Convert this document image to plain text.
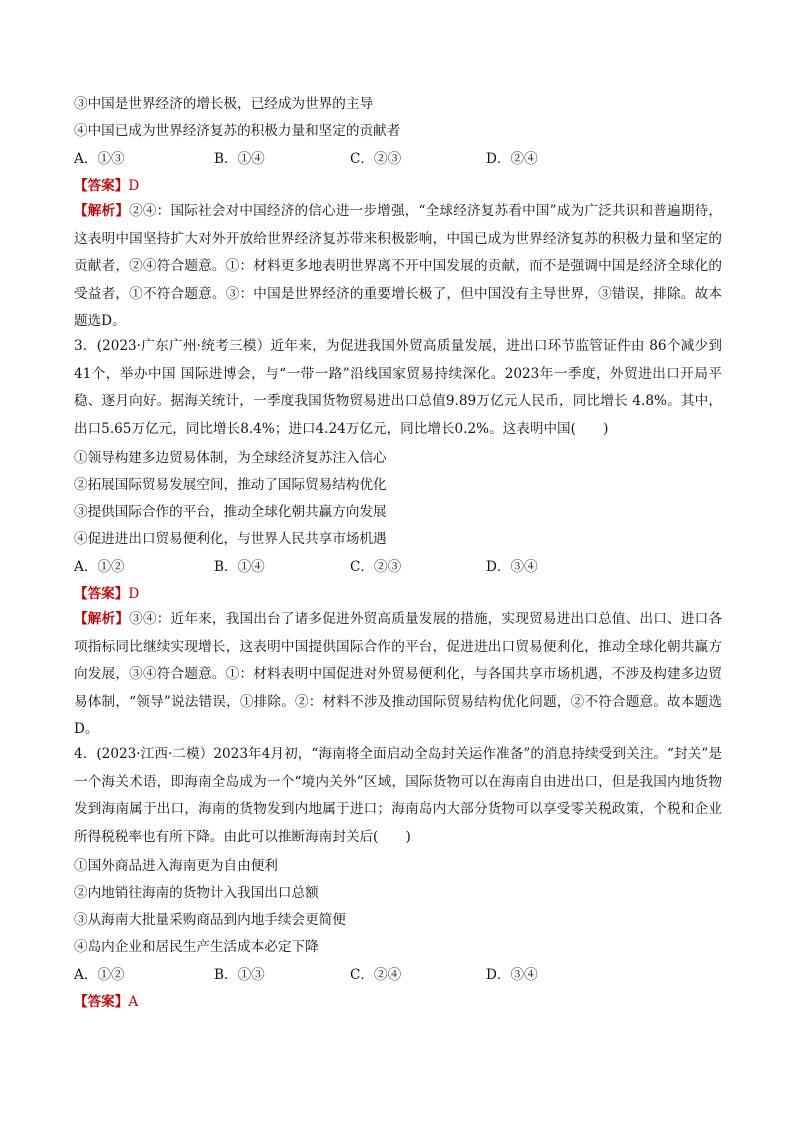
③中国是世界经济的增长极，已经成为世界的主导
④中国已成为世界经济复苏的积极力量和坚定的贡献者
A．①③	B．①④	C．②③	D．②④
【答案】D
【解析】②④：国际社会对中国经济的信心进一步增强，“全球经济复苏看中国”成为广泛共识和普遍期待，这表明中国坚持扩大对外开放给世界经济复苏带来积极影响，中国已成为世界经济复苏的积极力量和坚定的贡献者，②④符合题意。①：材料更多地表明世界离不开中国发展的贡献，而不是强调中国是经济全球化的受益者，①不符合题意。③：中国是世界经济的重要增长极了，但中国没有主导世界，③错误，排除。故本题选D。
3．(2023·广东广州·统考三模）近年来，为促进我国外贸高质量发展，进出口环节监管证件由 86个减少到41个，举办中国 国际进博会，与“一带一路”沿线国家贸易持续深化。2023年一季度，外贸进出口开局平稳、逐月向好。据海关统计，一季度我国货物贸易进出口总值9.89万亿元人民币，同比增长 4.8%。其中，出口5.65万亿元，同比增长8.4%；进口4.24万亿元，同比增长0.2%。这表明中国(　　)
①领导构建多边贸易体制，为全球经济复苏注入信心
②拓展国际贸易发展空间，推动了国际贸易结构优化
③提供国际合作的平台，推动全球化朝共赢方向发展
④促进进出口贸易便利化，与世界人民共享市场机遇
A．①②	B．①④	C．②③	D．③④
【答案】D
【解析】③④：近年来，我国出台了诸多促进外贸高质量发展的措施，实现贸易进出口总值、出口、进口各项指标同比继续实现增长，这表明中国提供国际合作的平台，促进进出口贸易便利化，推动全球化朝共赢方向发展，③④符合题意。①：材料表明中国促进对外贸易便利化，与各国共享市场机遇，不涉及构建多边贸易体制，“领导”说法错误，①排除。②：材料不涉及推动国际贸易结构优化问题，②不符合题意。故本题选D。
4．(2023·江西·二模）2023年4月初，“海南将全面启动全岛封关运作准备”的消息持续受到关注。“封关”是一个海关术语，即海南全岛成为一个“境内关外”区域，国际货物可以在海南自由进出口，但是我国内地货物发到海南属于出口，海南的货物发到内地属于进口；海南岛内大部分货物可以享受零关税政策，个税和企业所得税税率也有所下降。由此可以推断海南封关后(　　)
①国外商品进入海南更为自由便利
②内地销往海南的货物计入我国出口总额
③从海南大批量采购商品到内地手续会更简便
④岛内企业和居民生产生活成本必定下降
A．①②	B．①③	C．②④	D．③④
【答案】A
